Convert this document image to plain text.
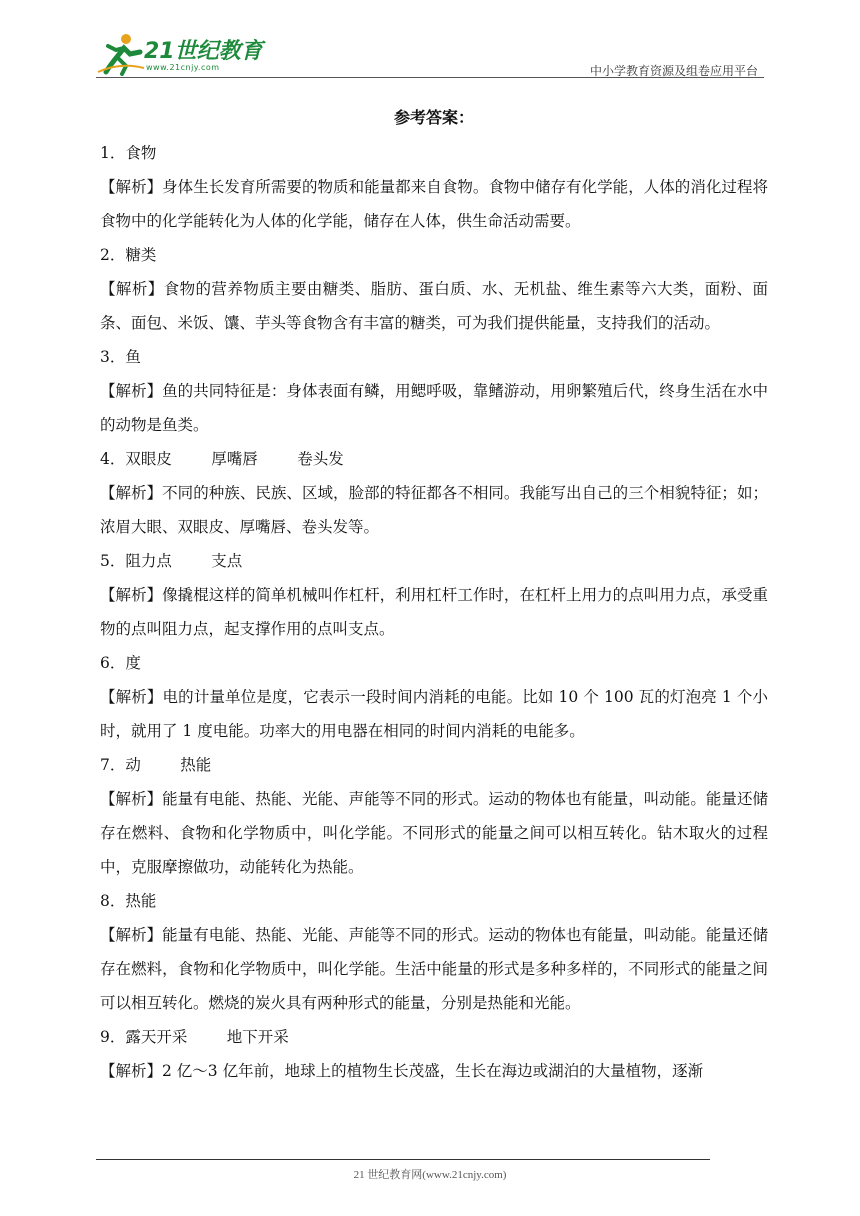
21世纪教育
www.21cnjy.com	中小学教育资源及组卷应用平台
参考答案：

1．食物

【解析】身体生长发育所需要的物质和能量都来自食物。食物中储存有化学能，人体的消化过程将食物中的化学能转化为人体的化学能，储存在人体，供生命活动需要。

2．糖类

【解析】食物的营养物质主要由糖类、脂肪、蛋白质、水、无机盐、维生素等六大类，面粉、面条、面包、米饭、馕、芋头等食物含有丰富的糖类，可为我们提供能量，支持我们的活动。

3．鱼

【解析】鱼的共同特征是：身体表面有鳞，用鳃呼吸，靠鳍游动，用卵繁殖后代，终身生活在水中的动物是鱼类。

4．双眼皮        厚嘴唇        卷头发

【解析】不同的种族、民族、区域，脸部的特征都各不相同。我能写出自己的三个相貌特征；如；浓眉大眼、双眼皮、厚嘴唇、卷头发等。

5．阻力点        支点

【解析】像撬棍这样的简单机械叫作杠杆，利用杠杆工作时，在杠杆上用力的点叫用力点，承受重物的点叫阻力点，起支撑作用的点叫支点。

6．度

【解析】电的计量单位是度，它表示一段时间内消耗的电能。比如 10 个 100 瓦的灯泡亮 1 个小时，就用了 1 度电能。功率大的用电器在相同的时间内消耗的电能多。

7．动        热能

【解析】能量有电能、热能、光能、声能等不同的形式。运动的物体也有能量，叫动能。能量还储存在燃料、食物和化学物质中，叫化学能。不同形式的能量之间可以相互转化。钻木取火的过程中，克服摩擦做功，动能转化为热能。

8．热能

【解析】能量有电能、热能、光能、声能等不同的形式。运动的物体也有能量，叫动能。能量还储存在燃料，食物和化学物质中，叫化学能。生活中能量的形式是多种多样的，不同形式的能量之间可以相互转化。燃烧的炭火具有两种形式的能量，分别是热能和光能。

9．露天开采        地下开采

【解析】2 亿～3 亿年前，地球上的植物生长茂盛，生长在海边或湖泊的大量植物，逐渐

21 世纪教育网(www.21cnjy.com)
